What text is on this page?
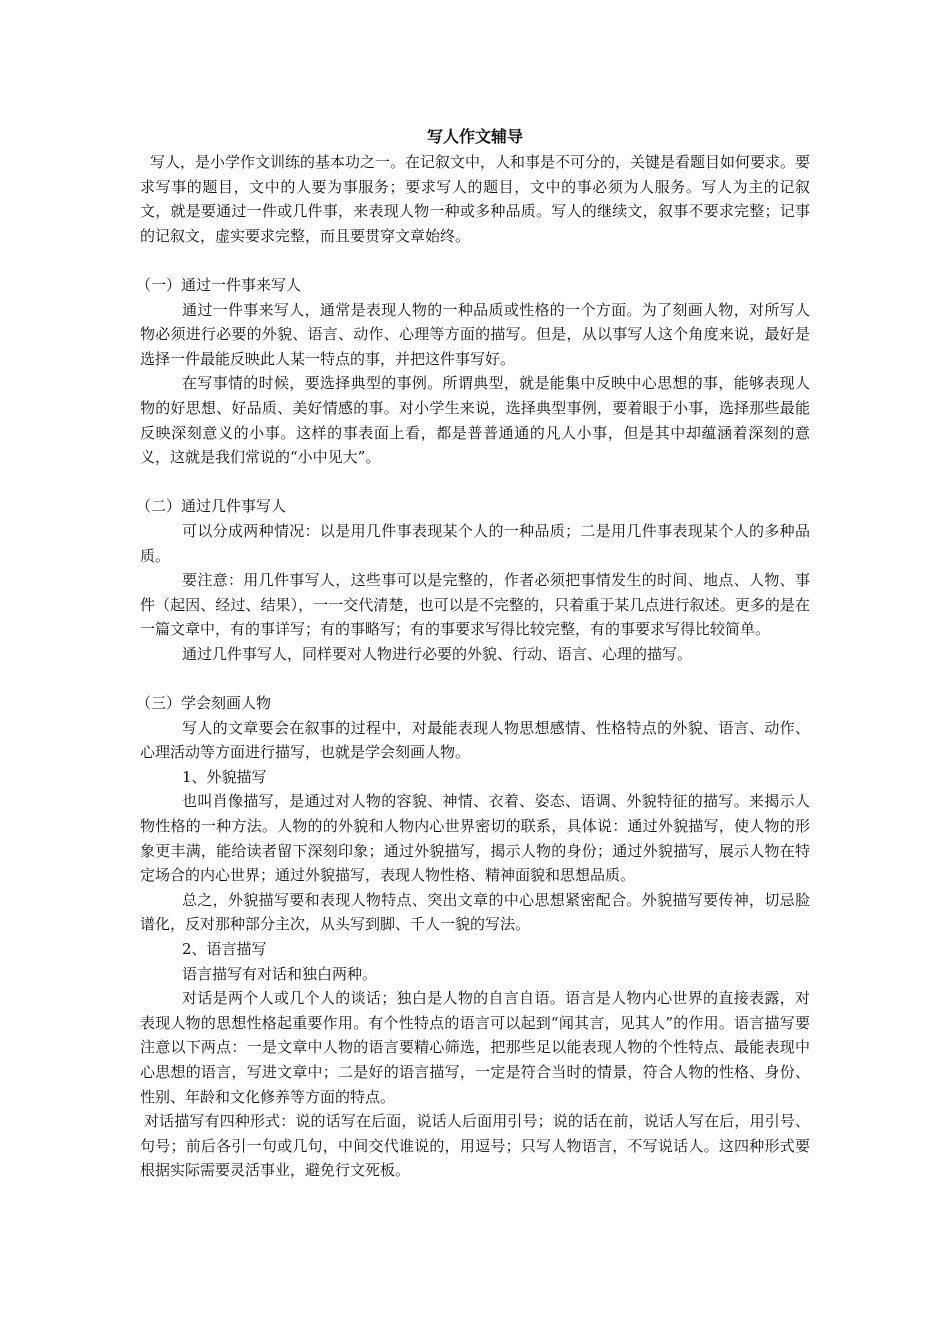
写人作文辅导

写人，是小学作文训练的基本功之一。在记叙文中，人和事是不可分的，关键是看题目如何要求。要求写事的题目，文中的人要为事服务；要求写人的题目，文中的事必须为人服务。写人为主的记叙文，就是要通过一件或几件事，来表现人物一种或多种品质。写人的继续文，叙事不要求完整；记事的记叙文，虚实要求完整，而且要贯穿文章始终。

（一）通过一件事来写人

通过一件事来写人，通常是表现人物的一种品质或性格的一个方面。为了刻画人物，对所写人物必须进行必要的外貌、语言、动作、心理等方面的描写。但是，从以事写人这个角度来说，最好是选择一件最能反映此人某一特点的事，并把这件事写好。

在写事情的时候，要选择典型的事例。所谓典型，就是能集中反映中心思想的事，能够表现人物的好思想、好品质、美好情感的事。对小学生来说，选择典型事例，要着眼于小事，选择那些最能反映深刻意义的小事。这样的事表面上看，都是普普通通的凡人小事，但是其中却蕴涵着深刻的意义，这就是我们常说的“小中见大”。

（二）通过几件事写人

可以分成两种情况：以是用几件事表现某个人的一种品质；二是用几件事表现某个人的多种品质。

要注意：用几件事写人，这些事可以是完整的，作者必须把事情发生的时间、地点、人物、事件（起因、经过、结果），一一交代清楚，也可以是不完整的，只着重于某几点进行叙述。更多的是在一篇文章中，有的事详写；有的事略写；有的事要求写得比较完整，有的事要求写得比较简单。

通过几件事写人，同样要对人物进行必要的外貌、行动、语言、心理的描写。

（三）学会刻画人物

写人的文章要会在叙事的过程中，对最能表现人物思想感情、性格特点的外貌、语言、动作、心理活动等方面进行描写，也就是学会刻画人物。

1、外貌描写

也叫肖像描写，是通过对人物的容貌、神情、衣着、姿态、语调、外貌特征的描写。来揭示人物性格的一种方法。人物的的外貌和人物内心世界密切的联系，具体说：通过外貌描写，使人物的形象更丰满，能给读者留下深刻印象；通过外貌描写，揭示人物的身份；通过外貌描写，展示人物在特定场合的内心世界；通过外貌描写，表现人物性格、精神面貌和思想品质。

总之，外貌描写要和表现人物特点、突出文章的中心思想紧密配合。外貌描写要传神，切忌脸谱化，反对那种部分主次，从头写到脚、千人一貌的写法。

2、语言描写

语言描写有对话和独白两种。

对话是两个人或几个人的谈话；独白是人物的自言自语。语言是人物内心世界的直接表露，对表现人物的思想性格起重要作用。有个性特点的语言可以起到“闻其言，见其人”的作用。语言描写要注意以下两点：一是文章中人物的语言要精心筛选，把那些足以能表现人物的个性特点、最能表现中心思想的语言，写进文章中；二是好的语言描写，一定是符合当时的情景，符合人物的性格、身份、性别、年龄和文化修养等方面的特点。

对话描写有四种形式：说的话写在后面，说话人后面用引号；说的话在前，说话人写在后，用引号、句号；前后各引一句或几句，中间交代谁说的，用逗号；只写人物语言，不写说话人。这四种形式要根据实际需要灵活事业，避免行文死板。
